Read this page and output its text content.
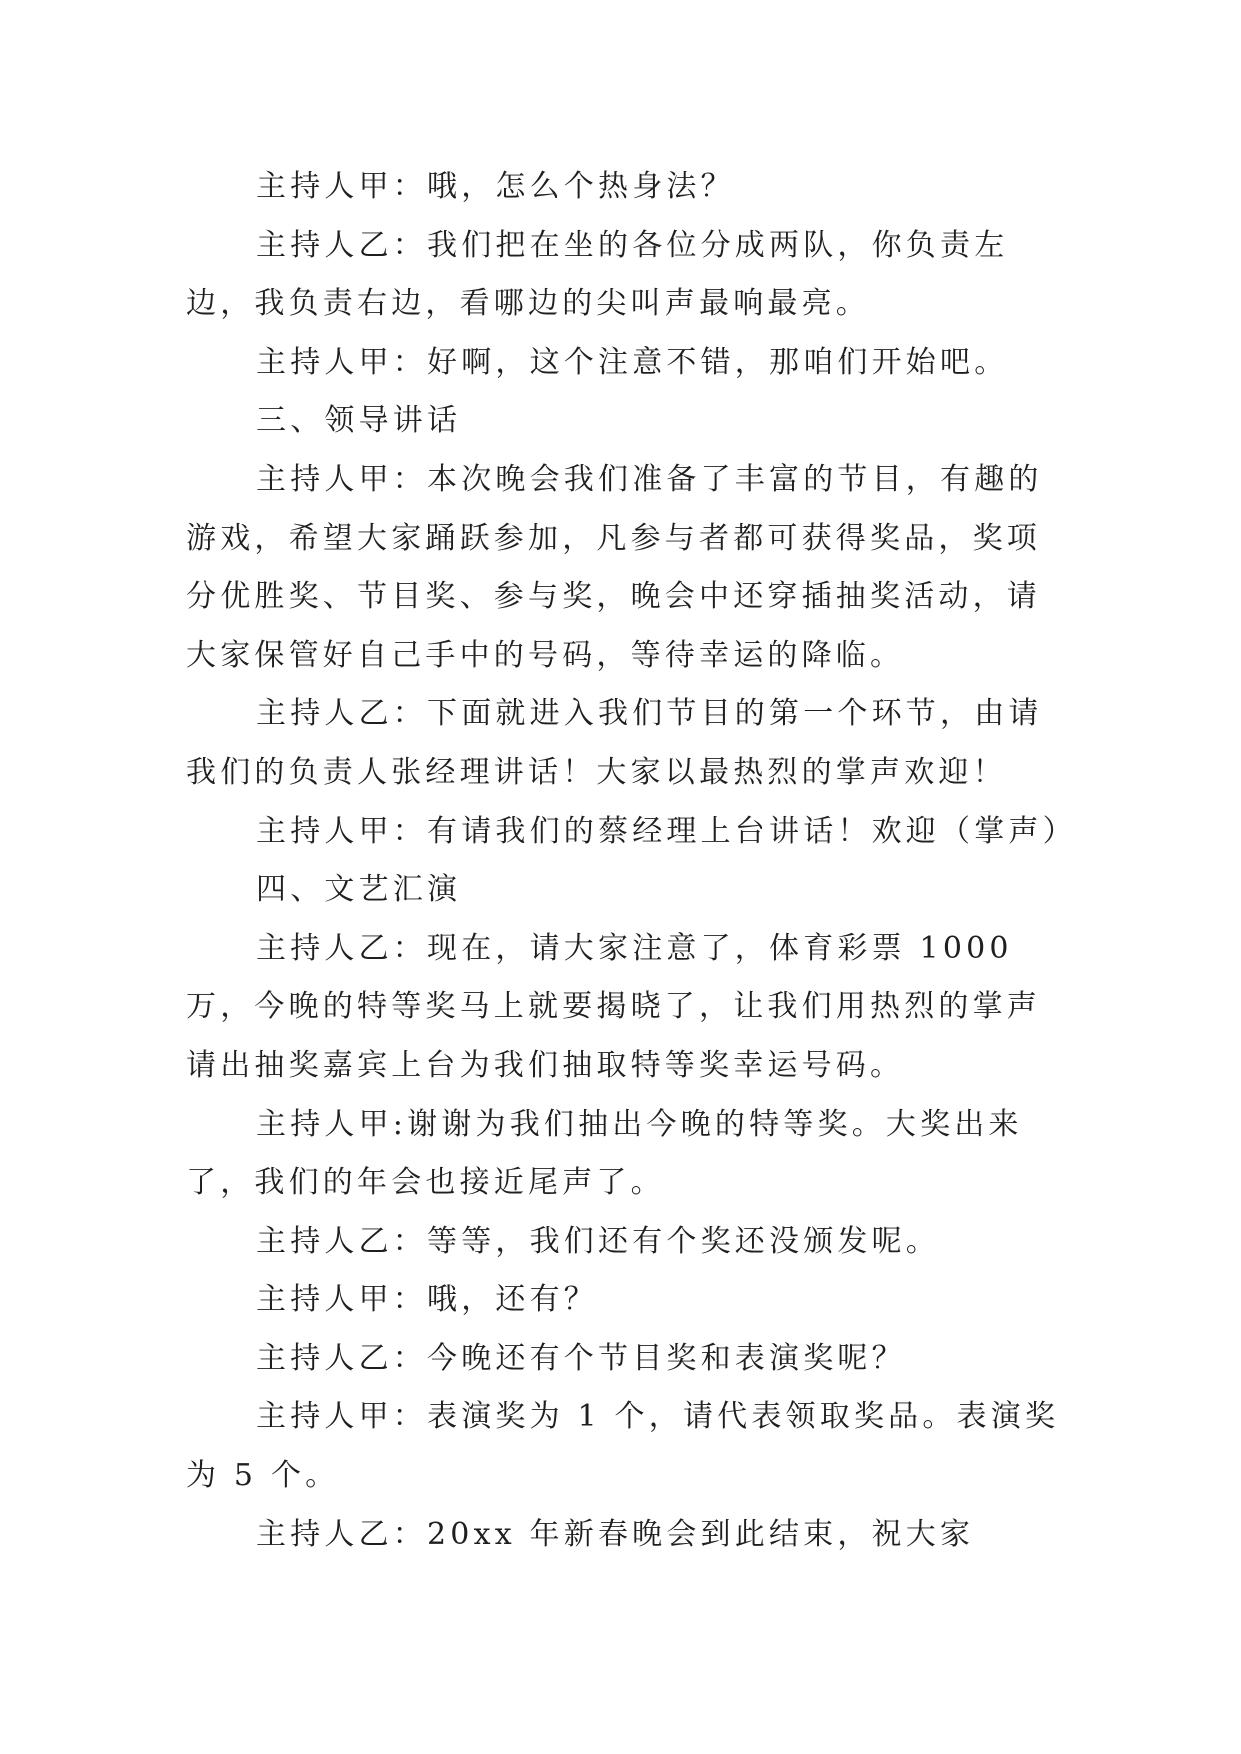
主持人甲：哦，怎么个热身法？

主持人乙：我们把在坐的各位分成两队，你负责左边，我负责右边，看哪边的尖叫声最响最亮。

主持人甲：好啊，这个注意不错，那咱们开始吧。

三、领导讲话

主持人甲：本次晚会我们准备了丰富的节目，有趣的游戏，希望大家踊跃参加，凡参与者都可获得奖品，奖项分优胜奖、节目奖、参与奖，晚会中还穿插抽奖活动，请大家保管好自己手中的号码，等待幸运的降临。

主持人乙：下面就进入我们节目的第一个环节，由请我们的负责人张经理讲话！大家以最热烈的掌声欢迎！

主持人甲：有请我们的蔡经理上台讲话！欢迎（掌声）

四、文艺汇演

主持人乙：现在，请大家注意了，体育彩票 1000 万，今晚的特等奖马上就要揭晓了，让我们用热烈的掌声请出抽奖嘉宾上台为我们抽取特等奖幸运号码。

主持人甲:谢谢为我们抽出今晚的特等奖。大奖出来了，我们的年会也接近尾声了。

主持人乙：等等，我们还有个奖还没颁发呢。

主持人甲：哦，还有？

主持人乙：今晚还有个节目奖和表演奖呢？

主持人甲：表演奖为 1 个，请代表领取奖品。表演奖为 5 个。

主持人乙：20xx 年新春晚会到此结束，祝大家
